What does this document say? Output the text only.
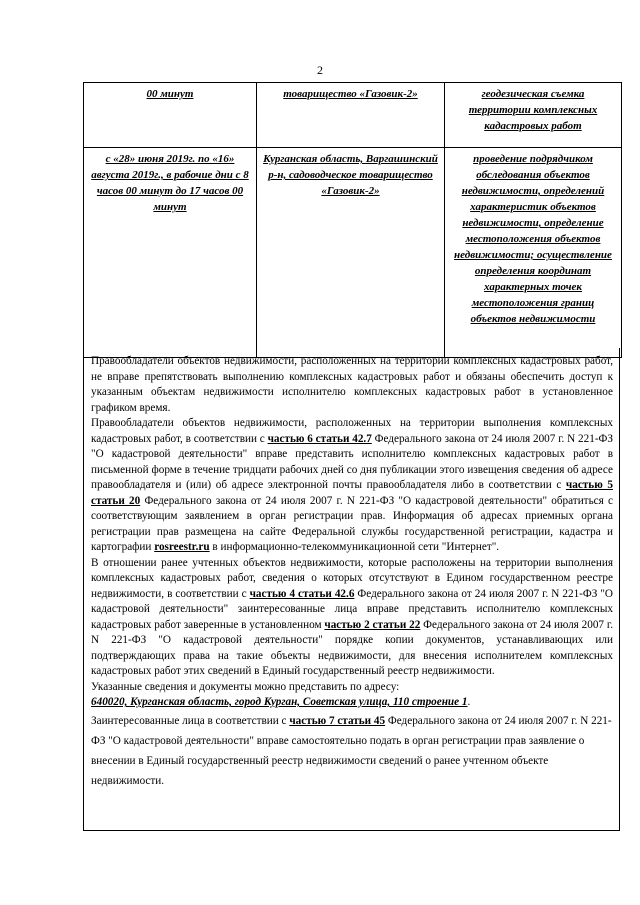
2
00 минут	товарищество «Газовик-2»	геодезическая съемка территории комплексных кадастровых работ
с «28» июня 2019г. по «16» августа 2019г., в рабочие дни с 8 часов 00 минут до 17 часов 00 минут	Курганская область, Варгашинский р-н, садоводческое товарищество «Газовик-2»	проведение подрядчиком обследования объектов недвижимости, определений характеристик объектов недвижимости, определение местоположения объектов недвижимости; осуществление определения координат характерных точек местоположения границ объектов недвижимости

Правообладатели объектов недвижимости, расположенных на территории комплексных кадастровых работ, не вправе препятствовать выполнению комплексных кадастровых работ и обязаны обеспечить доступ к указанным объектам недвижимости исполнителю комплексных кадастровых работ в установленное графиком время.

Правообладатели объектов недвижимости, расположенных на территории выполнения комплексных кадастровых работ, в соответствии с частью 6 статьи 42.7 Федерального закона от 24 июля 2007 г. N 221-ФЗ "О кадастровой деятельности" вправе представить исполнителю комплексных кадастровых работ в письменной форме в течение тридцати рабочих дней со дня публикации этого извещения сведения об адресе правообладателя и (или) об адресе электронной почты правообладателя либо в соответствии с частью 5 статьи 20 Федерального закона от 24 июля 2007 г. N 221-ФЗ "О кадастровой деятельности" обратиться с соответствующим заявлением в орган регистрации прав. Информация об адресах приемных органа регистрации прав размещена на сайте Федеральной службы государственной регистрации, кадастра и картографии rosreestr.ru в информационно-телекоммуникационной сети "Интернет".

В отношении ранее учтенных объектов недвижимости, которые расположены на территории выполнения комплексных кадастровых работ, сведения о которых отсутствуют в Едином государственном реестре недвижимости, в соответствии с частью 4 статьи 42.6 Федерального закона от 24 июля 2007 г. N 221-ФЗ "О кадастровой деятельности" заинтересованные лица вправе представить исполнителю комплексных кадастровых работ заверенные в установленном частью 2 статьи 22 Федерального закона от 24 июля 2007 г. N 221-ФЗ "О кадастровой деятельности" порядке копии документов, устанавливающих или подтверждающих права на такие объекты недвижимости, для внесения исполнителем комплексных кадастровых работ этих сведений в Единый государственный реестр недвижимости.

Указанные сведения и документы можно представить по адресу:

640020, Курганская область, город Курган, Советская улица, 110 строение 1.

Заинтересованные лица в соответствии с частью 7 статьи 45 Федерального закона от 24 июля 2007 г. N 221-ФЗ "О кадастровой деятельности" вправе самостоятельно подать в орган регистрации прав заявление о внесении в Единый государственный реестр недвижимости сведений о ранее учтенном объекте недвижимости.
